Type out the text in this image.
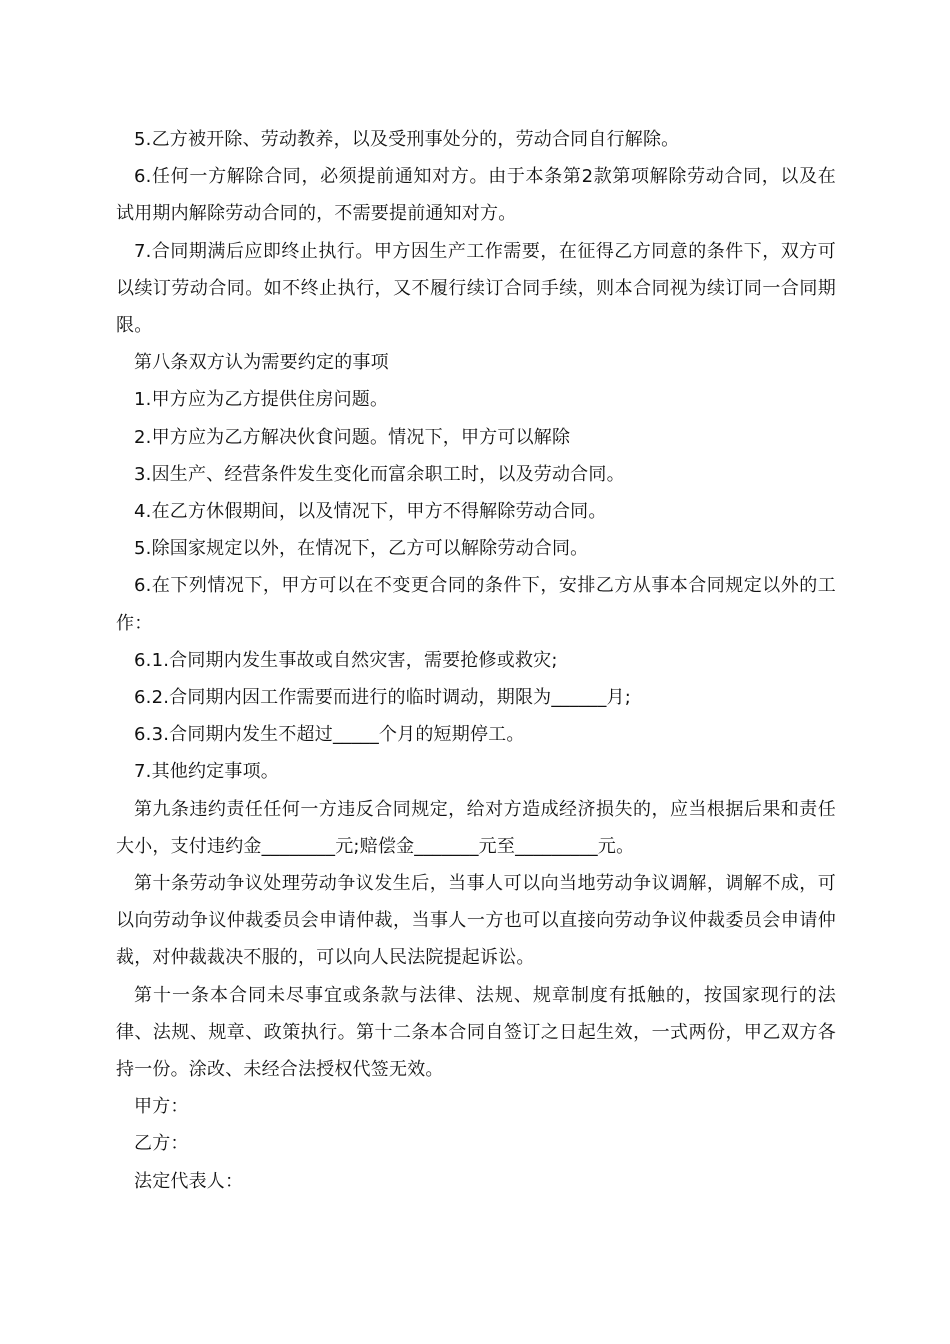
5.乙方被开除、劳动教养，以及受刑事处分的，劳动合同自行解除。

6.任何一方解除合同，必须提前通知对方。由于本条第2款第项解除劳动合同，以及在试用期内解除劳动合同的，不需要提前通知对方。

7.合同期满后应即终止执行。甲方因生产工作需要，在征得乙方同意的条件下，双方可以续订劳动合同。如不终止执行，又不履行续订合同手续，则本合同视为续订同一合同期限。

第八条双方认为需要约定的事项

1.甲方应为乙方提供住房问题。

2.甲方应为乙方解决伙食问题。情况下，甲方可以解除

3.因生产、经营条件发生变化而富余职工时，以及劳动合同。

4.在乙方休假期间，以及情况下，甲方不得解除劳动合同。

5.除国家规定以外，在情况下，乙方可以解除劳动合同。

6.在下列情况下，甲方可以在不变更合同的条件下，安排乙方从事本合同规定以外的工作：

6.1.合同期内发生事故或自然灾害，需要抢修或救灾;

6.2.合同期内因工作需要而进行的临时调动，期限为______月;

6.3.合同期内发生不超过_____个月的短期停工。

7.其他约定事项。

第九条违约责任任何一方违反合同规定，给对方造成经济损失的，应当根据后果和责任大小，支付违约金________元;赔偿金_______元至_________元。

第十条劳动争议处理劳动争议发生后，当事人可以向当地劳动争议调解，调解不成，可以向劳动争议仲裁委员会申请仲裁，当事人一方也可以直接向劳动争议仲裁委员会申请仲裁，对仲裁裁决不服的，可以向人民法院提起诉讼。

第十一条本合同未尽事宜或条款与法律、法规、规章制度有抵触的，按国家现行的法律、法规、规章、政策执行。第十二条本合同自签订之日起生效，一式两份，甲乙双方各持一份。涂改、未经合法授权代签无效。

甲方：

乙方：

法定代表人：
